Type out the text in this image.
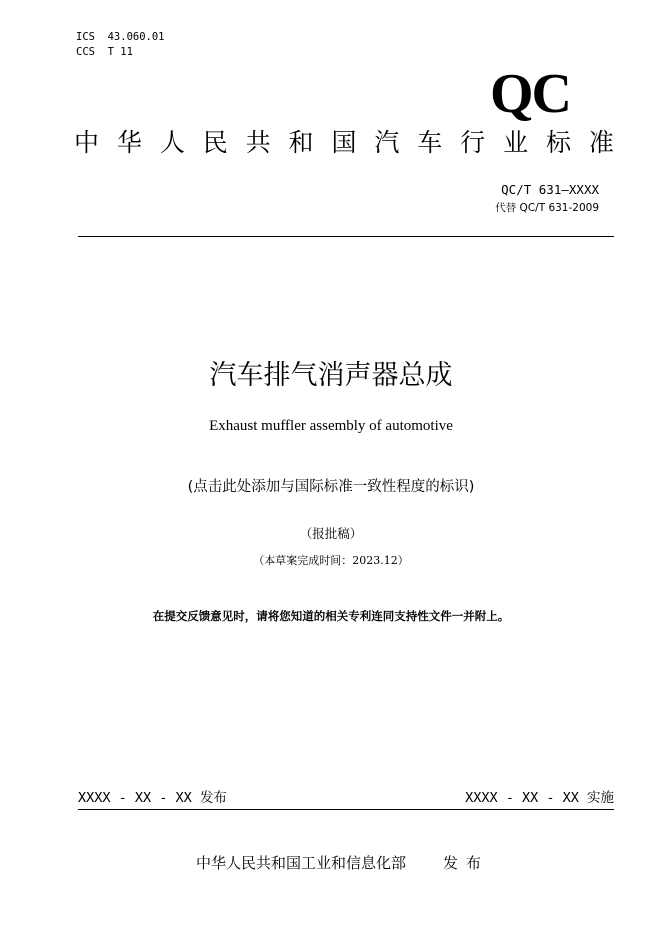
ICS  43.060.01
CCS  T 11
QC
中 华 人 民 共 和 国 汽 车 行 业 标 准
QC/T 631—XXXX
代替 QC/T 631-2009
汽车排气消声器总成
Exhaust muffler assembly of automotive
(点击此处添加与国际标准一致性程度的标识)
（报批稿）
（本草案完成时间：2023.12）
在提交反馈意见时，请将您知道的相关专利连同支持性文件一并附上。
XXXX - XX - XX 发布	XXXX - XX - XX 实施
中华人民共和国工业和信息化部 发布
